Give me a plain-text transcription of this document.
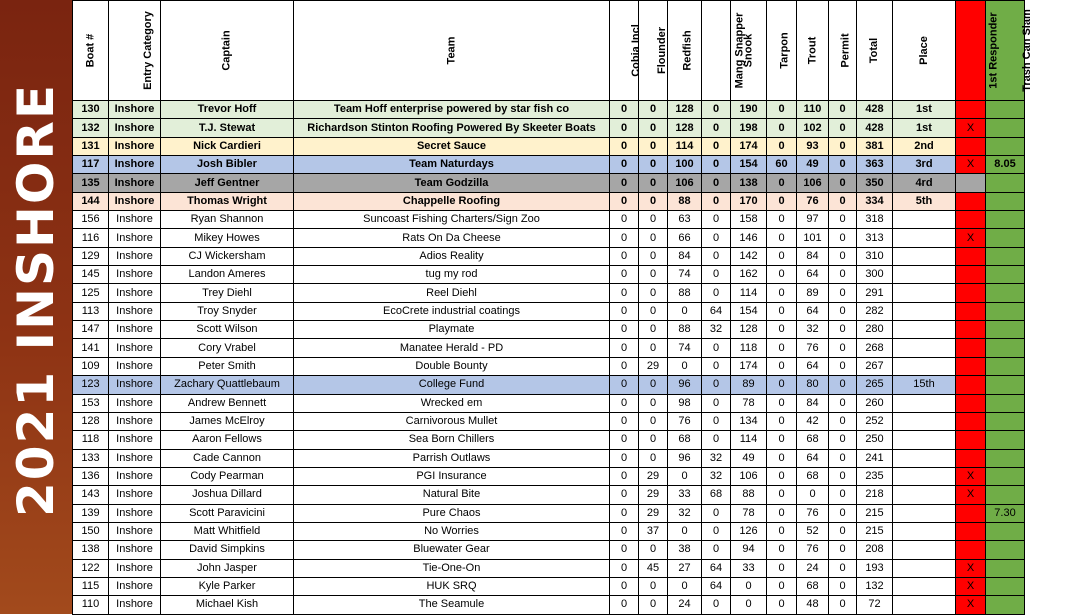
2021 INSHORE
Boat #	Entry Category	Captain	Team	Cobia Incl	Flounder	Redfish	Mang Snapper	Snook	Tarpon	Trout	Permit	Total	Place	1st Responder	Trash Can Slam
130	Inshore	Trevor Hoff	Team Hoff enterprise powered by star fish co	0	0	128	0	190	0	110	0	428	1st		
132	Inshore	T.J. Stewat	Richardson Stinton Roofing Powered By Skeeter Boats	0	0	128	0	198	0	102	0	428	1st	X	
131	Inshore	Nick Cardieri	Secret Sauce	0	0	114	0	174	0	93	0	381	2nd		
117	Inshore	Josh Bibler	Team Naturdays	0	0	100	0	154	60	49	0	363	3rd	X	8.05
135	Inshore	Jeff Gentner	Team Godzilla	0	0	106	0	138	0	106	0	350	4rd		
144	Inshore	Thomas Wright	Chappelle Roofing	0	0	88	0	170	0	76	0	334	5th		
156	Inshore	Ryan Shannon	Suncoast Fishing Charters/Sign Zoo	0	0	63	0	158	0	97	0	318			
116	Inshore	Mikey Howes	Rats On Da Cheese	0	0	66	0	146	0	101	0	313		X	
129	Inshore	CJ Wickersham	Adios Reality	0	0	84	0	142	0	84	0	310			
145	Inshore	Landon Ameres	tug my rod	0	0	74	0	162	0	64	0	300			
125	Inshore	Trey Diehl	Reel Diehl	0	0	88	0	114	0	89	0	291			
113	Inshore	Troy Snyder	EcoCrete industrial coatings	0	0	0	64	154	0	64	0	282			
147	Inshore	Scott Wilson	Playmate	0	0	88	32	128	0	32	0	280			
141	Inshore	Cory Vrabel	Manatee Herald - PD	0	0	74	0	118	0	76	0	268			
109	Inshore	Peter Smith	Double Bounty	0	29	0	0	174	0	64	0	267			
123	Inshore	Zachary Quattlebaum	College Fund	0	0	96	0	89	0	80	0	265	15th		
153	Inshore	Andrew Bennett	Wrecked em	0	0	98	0	78	0	84	0	260			
128	Inshore	James McElroy	Carnivorous Mullet	0	0	76	0	134	0	42	0	252			
118	Inshore	Aaron Fellows	Sea Born Chillers	0	0	68	0	114	0	68	0	250			
133	Inshore	Cade Cannon	Parrish Outlaws	0	0	96	32	49	0	64	0	241			
136	Inshore	Cody Pearman	PGI Insurance	0	29	0	32	106	0	68	0	235		X	
143	Inshore	Joshua Dillard	Natural Bite	0	29	33	68	88	0	0	0	218		X	
139	Inshore	Scott Paravicini	Pure Chaos	0	29	32	0	78	0	76	0	215			7.30
150	Inshore	Matt Whitfield	No Worries	0	37	0	0	126	0	52	0	215			
138	Inshore	David Simpkins	Bluewater Gear	0	0	38	0	94	0	76	0	208			
122	Inshore	John Jasper	Tie-One-On	0	45	27	64	33	0	24	0	193		X	
115	Inshore	Kyle Parker	HUK SRQ	0	0	0	64	0	0	68	0	132		X	
110	Inshore	Michael Kish	The Seamule	0	0	24	0	0	0	48	0	72		X	
